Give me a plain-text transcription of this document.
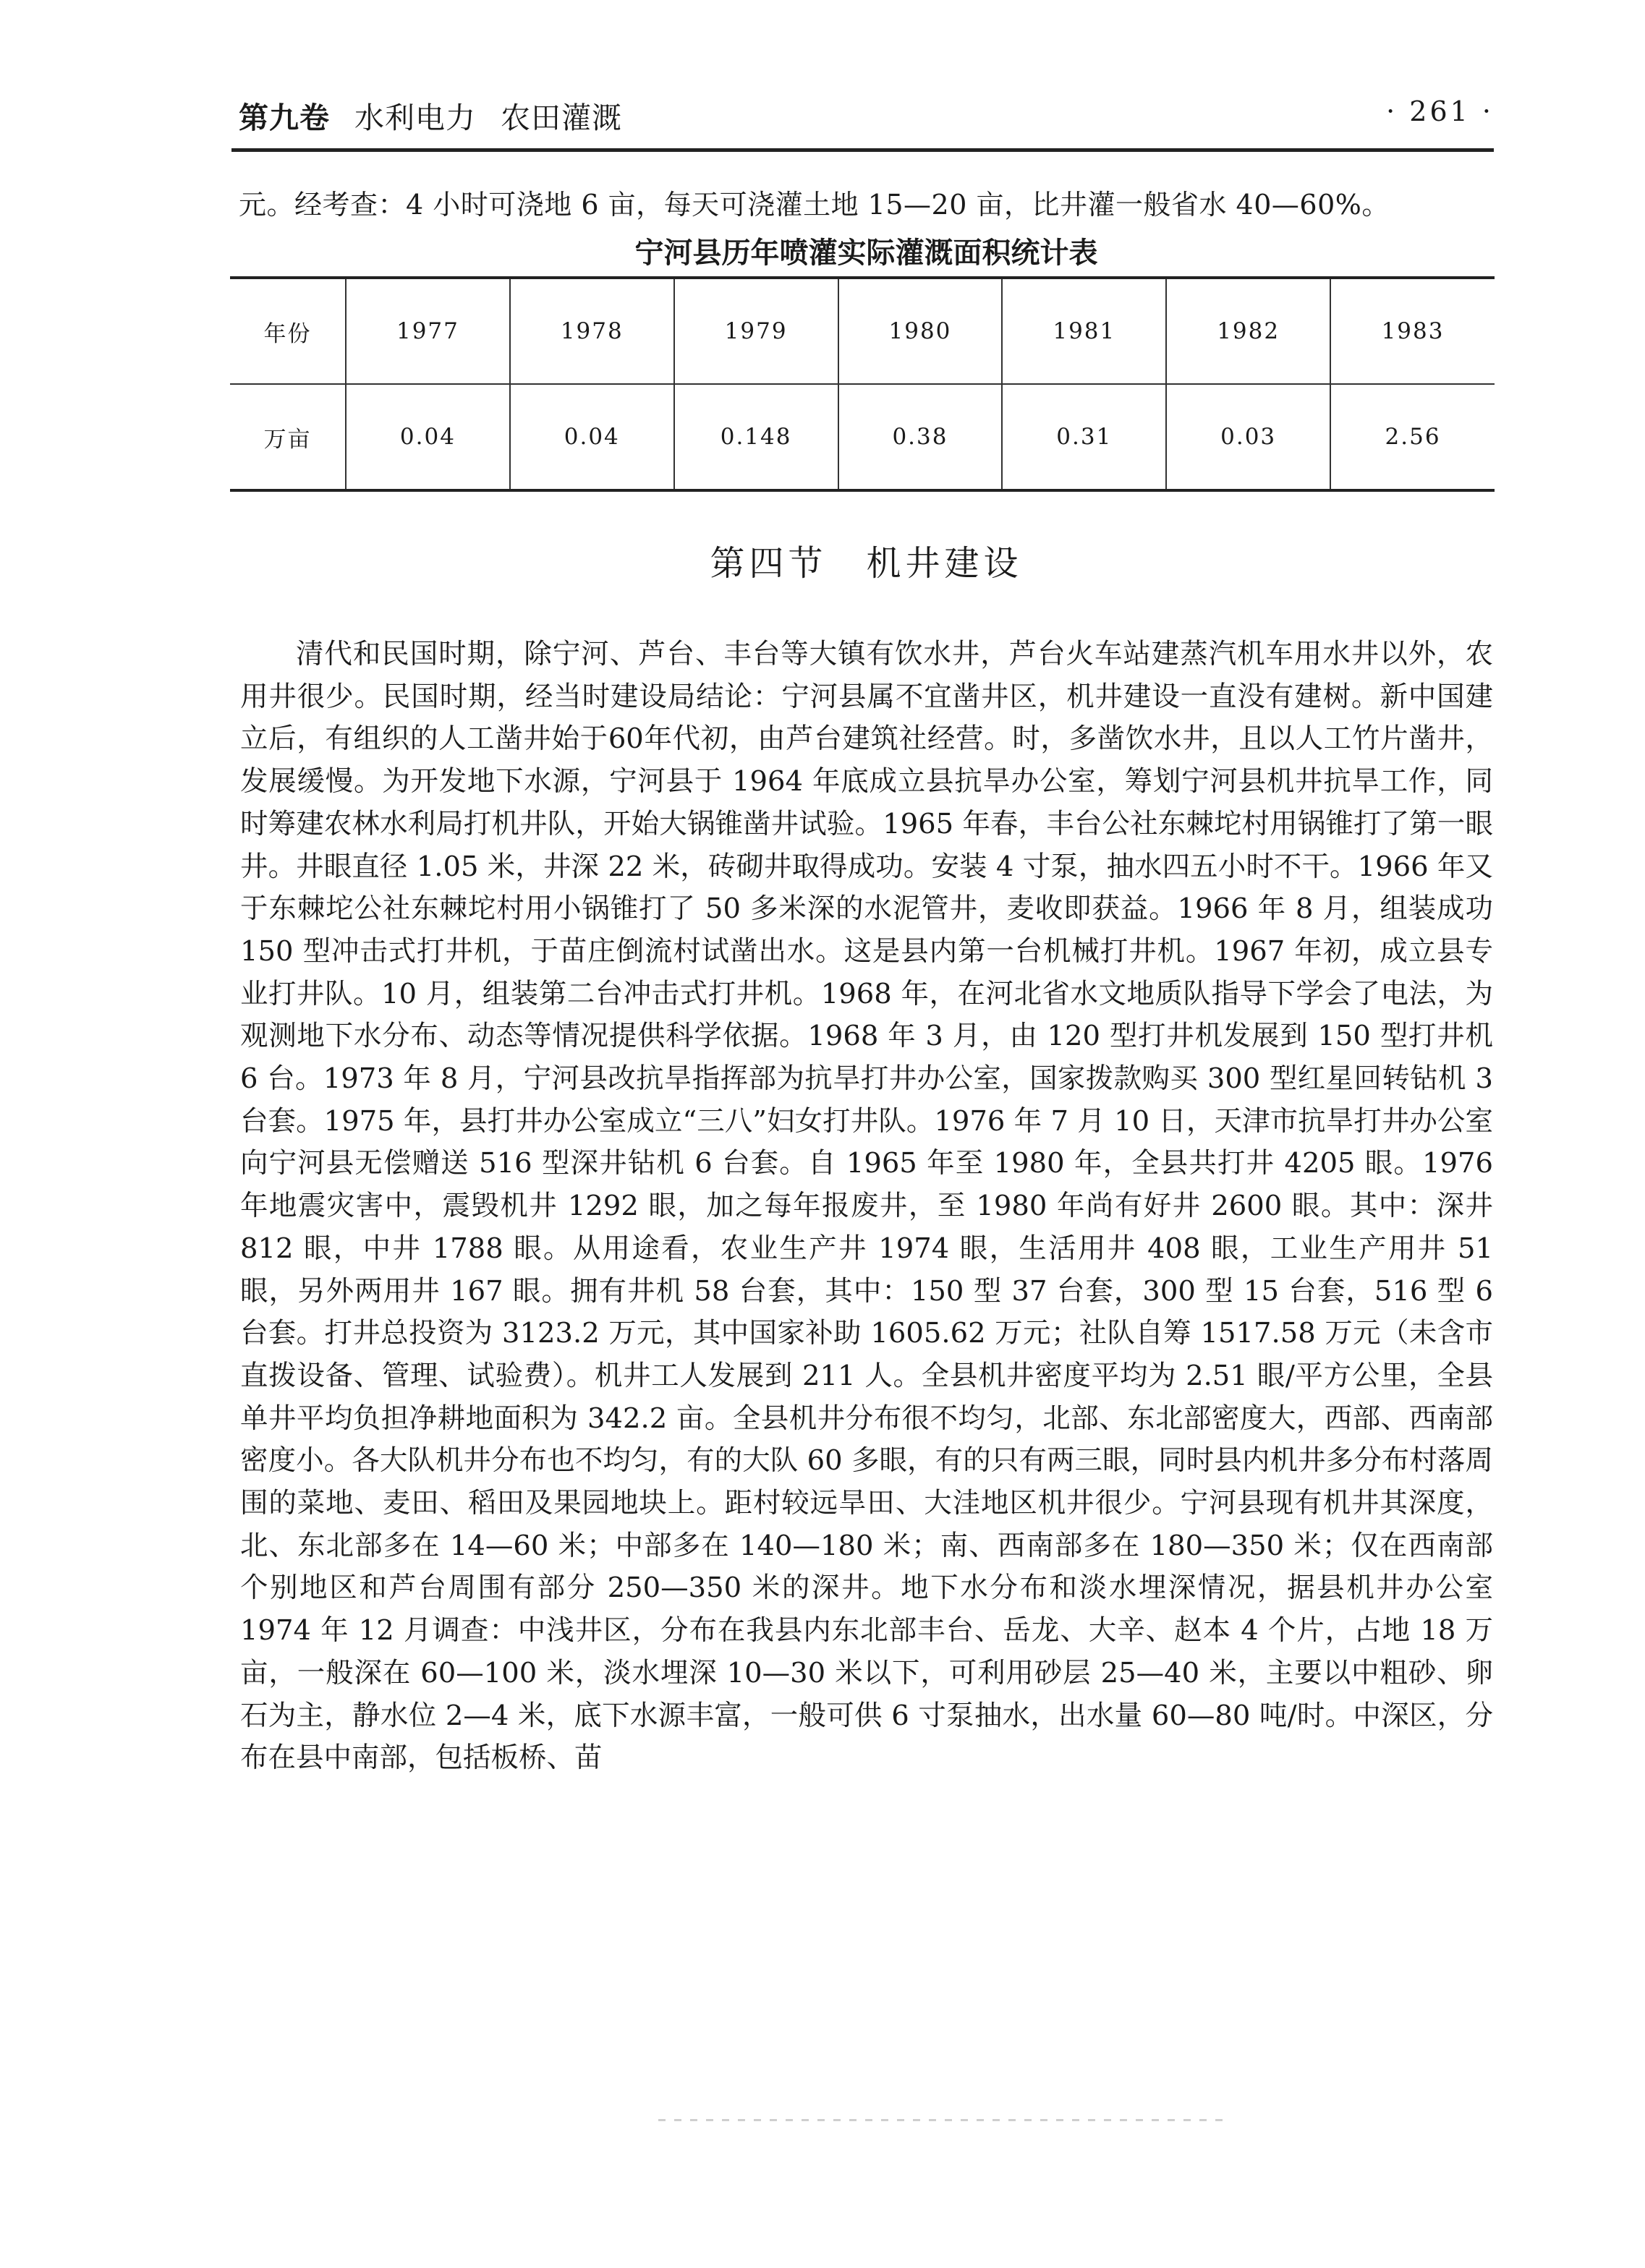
第九卷 水利电力 农田灌溉	· 261 ·
元。经考查：4 小时可浇地 6 亩，每天可浇灌土地 15—20 亩，比井灌一般省水 40—60%。
宁河县历年喷灌实际灌溉面积统计表
年份	1977	1978	1979	1980	1981	1982	1983
万亩	0.04	0.04	0.148	0.38	0.31	0.03	2.56
第四节　机井建设

清代和民国时期，除宁河、芦台、丰台等大镇有饮水井，芦台火车站建蒸汽机车用水井以外，农用井很少。民国时期，经当时建设局结论：宁河县属不宜凿井区，机井建设一直没有建树。新中国建立后，有组织的人工凿井始于60年代初，由芦台建筑社经营。时，多凿饮水井，且以人工竹片凿井，发展缓慢。为开发地下水源，宁河县于 1964 年底成立县抗旱办公室，筹划宁河县机井抗旱工作，同时筹建农林水利局打机井队，开始大锅锥凿井试验。1965 年春，丰台公社东棘坨村用锅锥打了第一眼井。井眼直径 1.05 米，井深 22 米，砖砌井取得成功。安装 4 寸泵，抽水四五小时不干。1966 年又于东棘坨公社东棘坨村用小锅锥打了 50 多米深的水泥管井，麦收即获益。1966 年 8 月，组装成功 150 型冲击式打井机，于苗庄倒流村试凿出水。这是县内第一台机械打井机。1967 年初，成立县专业打井队。10 月，组装第二台冲击式打井机。1968 年，在河北省水文地质队指导下学会了电法，为观测地下水分布、动态等情况提供科学依据。1968 年 3 月，由 120 型打井机发展到 150 型打井机 6 台。1973 年 8 月，宁河县改抗旱指挥部为抗旱打井办公室，国家拨款购买 300 型红星回转钻机 3 台套。1975 年，县打井办公室成立“三八”妇女打井队。1976 年 7 月 10 日，天津市抗旱打井办公室向宁河县无偿赠送 516 型深井钻机 6 台套。自 1965 年至 1980 年，全县共打井 4205 眼。1976 年地震灾害中，震毁机井 1292 眼，加之每年报废井，至 1980 年尚有好井 2600 眼。其中：深井 812 眼，中井 1788 眼。从用途看，农业生产井 1974 眼，生活用井 408 眼，工业生产用井 51 眼，另外两用井 167 眼。拥有井机 58 台套，其中：150 型 37 台套，300 型 15 台套，516 型 6 台套。打井总投资为 3123.2 万元，其中国家补助 1605.62 万元；社队自筹 1517.58 万元（未含市直拨设备、管理、试验费）。机井工人发展到 211 人。全县机井密度平均为 2.51 眼/平方公里，全县单井平均负担净耕地面积为 342.2 亩。全县机井分布很不均匀，北部、东北部密度大，西部、西南部密度小。各大队机井分布也不均匀，有的大队 60 多眼，有的只有两三眼，同时县内机井多分布村落周围的菜地、麦田、稻田及果园地块上。距村较远旱田、大洼地区机井很少。宁河县现有机井其深度，北、东北部多在 14—60 米；中部多在 140—180 米；南、西南部多在 180—350 米；仅在西南部个别地区和芦台周围有部分 250—350 米的深井。地下水分布和淡水埋深情况，据县机井办公室 1974 年 12 月调查：中浅井区，分布在我县内东北部丰台、岳龙、大辛、赵本 4 个片，占地 18 万亩，一般深在 60—100 米，淡水埋深 10—30 米以下，可利用砂层 25—40 米，主要以中粗砂、卵石为主，静水位 2—4 米，底下水源丰富，一般可供 6 寸泵抽水，出水量 60—80 吨/时。中深区，分布在县中南部，包括板桥、苗
